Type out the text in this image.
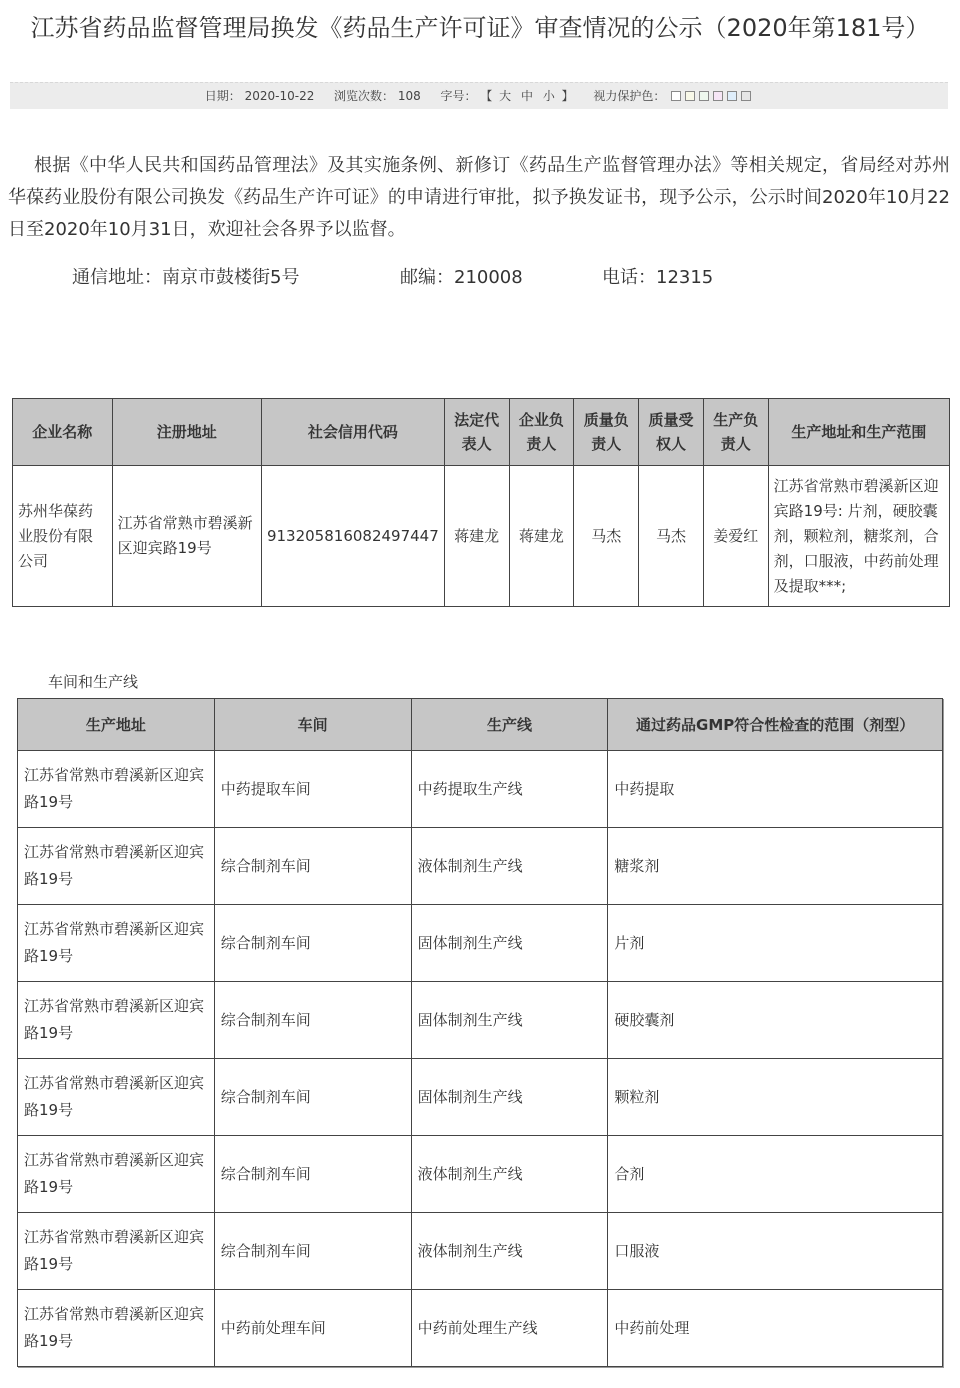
江苏省药品监督管理局换发《药品生产许可证》审查情况的公示（2020年第181号）
日期： 2020-10-22 浏览次数： 108 字号： 【 大 中 小 】 视力保护色：
根据《中华人民共和国药品管理法》及其实施条例、新修订《药品生产监督管理办法》等相关规定，省局经对苏州华葆药业股份有限公司换发《药品生产许可证》的申请进行审批，拟予换发证书，现予公示，公示时间2020年10月22日至2020年10月31日，欢迎社会各界予以监督。
通信地址：南京市鼓楼街5号	邮编：210008	电话：12315
企业名称	注册地址	社会信用代码	法定代表人	企业负责人	质量负责人	质量受权人	生产负责人	生产地址和生产范围
苏州华葆药业股份有限公司	江苏省常熟市碧溪新区迎宾路19号	913205816082497447	蒋建龙	蒋建龙	马杰	马杰	姜爱红	江苏省常熟市碧溪新区迎宾路19号: 片剂，硬胶囊剂，颗粒剂，糖浆剂，合剂，口服液，中药前处理及提取***;
车间和生产线
生产地址	车间	生产线	通过药品GMP符合性检查的范围（剂型）
江苏省常熟市碧溪新区迎宾路19号	中药提取车间	中药提取生产线	中药提取
江苏省常熟市碧溪新区迎宾路19号	综合制剂车间	液体制剂生产线	糖浆剂
江苏省常熟市碧溪新区迎宾路19号	综合制剂车间	固体制剂生产线	片剂
江苏省常熟市碧溪新区迎宾路19号	综合制剂车间	固体制剂生产线	硬胶囊剂
江苏省常熟市碧溪新区迎宾路19号	综合制剂车间	固体制剂生产线	颗粒剂
江苏省常熟市碧溪新区迎宾路19号	综合制剂车间	液体制剂生产线	合剂
江苏省常熟市碧溪新区迎宾路19号	综合制剂车间	液体制剂生产线	口服液
江苏省常熟市碧溪新区迎宾路19号	中药前处理车间	中药前处理生产线	中药前处理
